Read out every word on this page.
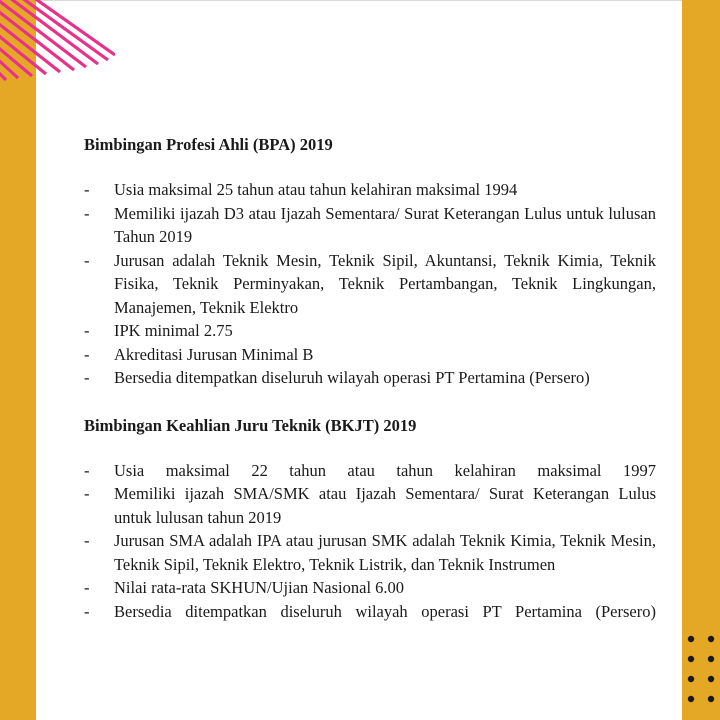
Bimbingan Profesi Ahli (BPA) 2019
- Usia maksimal 25 tahun atau tahun kelahiran maksimal 1994
- Memiliki ijazah D3 atau Ijazah Sementara/ Surat Keterangan Lulus untuk lulusan Tahun 2019
- Jurusan adalah Teknik Mesin, Teknik Sipil, Akuntansi, Teknik Kimia, Teknik Fisika, Teknik Perminyakan, Teknik Pertambangan, Teknik Lingkungan, Manajemen, Teknik Elektro
- IPK minimal 2.75
- Akreditasi Jurusan Minimal B
- Bersedia ditempatkan diseluruh wilayah operasi PT Pertamina (Persero)
Bimbingan Keahlian Juru Teknik (BKJT) 2019
- Usia maksimal 22 tahun atau tahun kelahiran maksimal 1997
- Memiliki ijazah SMA/SMK atau Ijazah Sementara/ Surat Keterangan Lulus untuk lulusan tahun 2019
- Jurusan SMA adalah IPA atau jurusan SMK adalah Teknik Kimia, Teknik Mesin, Teknik Sipil, Teknik Elektro, Teknik Listrik, dan Teknik Instrumen
- Nilai rata-rata SKHUN/Ujian Nasional 6.00
- Bersedia ditempatkan diseluruh wilayah operasi PT Pertamina (Persero)
